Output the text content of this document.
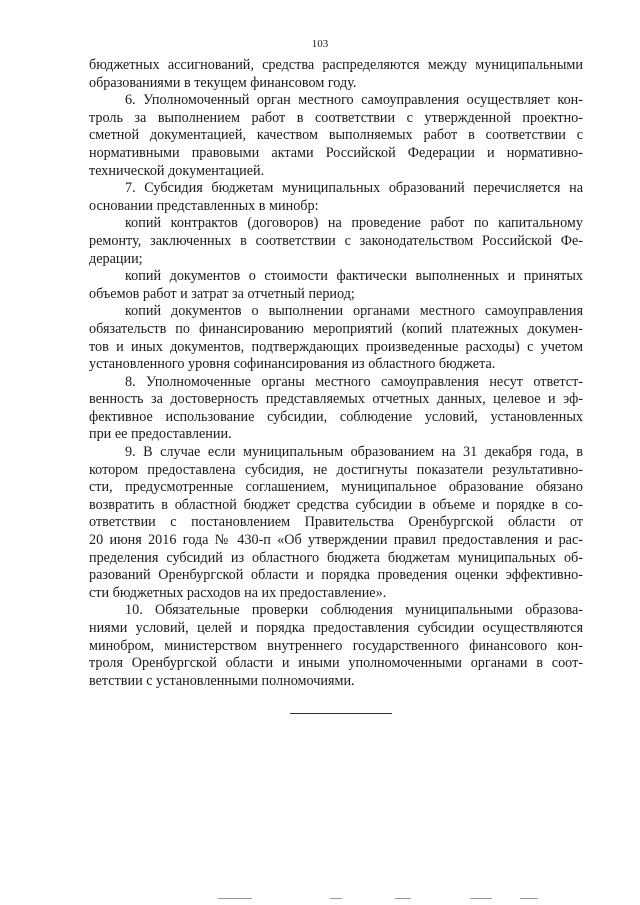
103
бюджетных ассигнований, средства распределяются между муниципальными
образованиями в текущем финансовом году.
6. Уполномоченный орган местного самоуправления осуществляет кон-
троль за выполнением работ в соответствии с утвержденной проектно-
сметной документацией, качеством выполняемых работ в соответствии с
нормативными правовыми актами Российской Федерации и нормативно-
технической документацией.
7. Субсидия бюджетам муниципальных образований перечисляется на
основании представленных в минобр:
копий контрактов (договоров) на проведение работ по капитальному
ремонту, заключенных в соответствии с законодательством Российской Фе-
дерации;
копий документов о стоимости фактически выполненных и принятых
объемов работ и затрат за отчетный период;
копий документов о выполнении органами местного самоуправления
обязательств по финансированию мероприятий (копий платежных докумен-
тов и иных документов, подтверждающих произведенные расходы) с учетом
установленного уровня софинансирования из областного бюджета.
8. Уполномоченные органы местного самоуправления несут ответст-
венность за достоверность представляемых отчетных данных, целевое и эф-
фективное использование субсидии, соблюдение условий, установленных
при ее предоставлении.
9. В случае если муниципальным образованием на 31 декабря года, в
котором предоставлена субсидия, не достигнуты показатели результативно-
сти, предусмотренные соглашением, муниципальное образование обязано
возвратить в областной бюджет средства субсидии в объеме и порядке в со-
ответствии с постановлением Правительства Оренбургской области от
20 июня 2016 года № 430-п «Об утверждении правил предоставления и рас-
пределения субсидий из областного бюджета бюджетам муниципальных об-
разований Оренбургской области и порядка проведения оценки эффективно-
сти бюджетных расходов на их предоставление».
10. Обязательные проверки соблюдения муниципальными образова-
ниями условий, целей и порядка предоставления субсидии осуществляются
минобром, министерством внутреннего государственного финансового кон-
троля Оренбургской области и иными уполномоченными органами в соот-
ветствии с установленными полномочиями.
